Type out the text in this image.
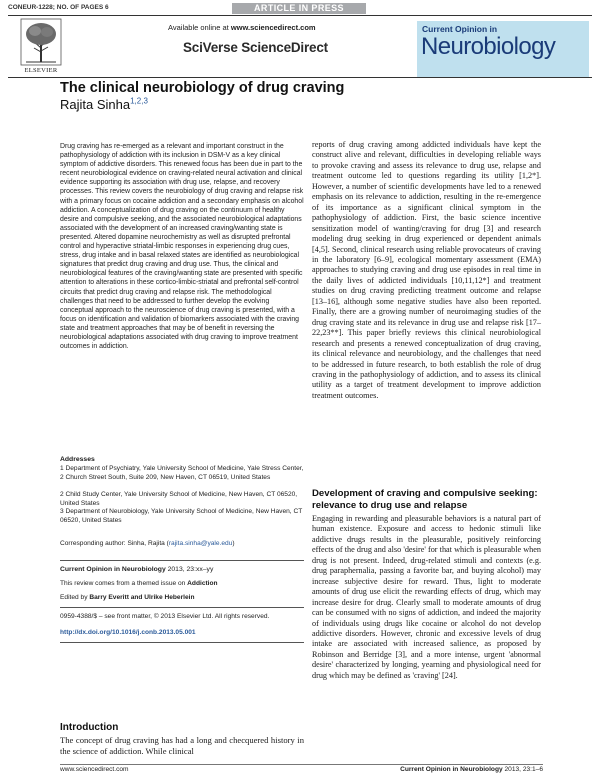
CONEUR-1228; NO. OF PAGES 6	ARTICLE IN PRESS
ELSEVIER
Available online at www.sciencedirect.com
SciVerse ScienceDirect
Current Opinion in
Neurobiology
The clinical neurobiology of drug craving
Rajita Sinha$^{1,2,3}$
Drug craving has re-emerged as a relevant and important construct in the pathophysiology of addiction with its inclusion in DSM-V as a key clinical symptom of addictive disorders. This renewed focus has been due in part to the recent neurobiological evidence on craving-related neural activation and clinical evidence supporting its association with drug use, relapse, and recovery processes. This review covers the neurobiology of drug craving and relapse risk with a primary focus on cocaine addiction and a secondary emphasis on alcohol addiction. A conceptualization of drug craving on the continuum of healthy desire and compulsive seeking, and the associated neurobiological adaptations associated with the development of an increased craving/wanting state is presented. Altered dopamine neurochemistry as well as disrupted prefrontal control and hyperactive striatal-limbic responses in experiencing drug cues, stress, drug intake and in basal relaxed states are identified as neurobiological signatures that predict drug craving and drug use. Thus, the clinical and neurobiological features of the craving/wanting state are presented with specific attention to alterations in these cortico-limbic-striatal and prefrontal self-control circuits that predict drug craving and relapse risk. The methodological challenges that need to be addressed to further develop the evolving conceptual approach to the neuroscience of drug craving is presented, with a focus on identification and validation of biomarkers associated with the craving state and treatment approaches that may be of benefit in reversing the neurobiological adaptations associated with drug craving to improve treatment outcomes in addiction.
Addresses
1 Department of Psychiatry, Yale University School of Medicine, Yale Stress Center, 2 Church Street South, Suite 209, New Haven, CT 06519, United States
2 Child Study Center, Yale University School of Medicine, New Haven, CT 06520, United States
3 Department of Neurobiology, Yale University School of Medicine, New Haven, CT 06520, United States
Corresponding author: Sinha, Rajita (rajita.sinha@yale.edu)
Current Opinion in Neurobiology 2013, 23:xx–yy
This review comes from a themed issue on Addiction
Edited by Barry Everitt and Ulrike Heberlein
0959-4388/$ – see front matter, © 2013 Elsevier Ltd. All rights reserved.
http://dx.doi.org/10.1016/j.conb.2013.05.001
Introduction
The concept of drug craving has had a long and checquered history in the science of addiction. While clinical
reports of drug craving among addicted individuals have kept the construct alive and relevant, difficulties in developing reliable ways to provoke craving and assess its relevance to drug use, relapse and treatment outcome led to questions regarding its utility [1,2*]. However, a number of scientific developments have led to a renewed emphasis on its relevance to addiction, resulting in the re-emergence of its importance as a significant clinical symptom in the pathophysiology of addiction. First, the basic science incentive sensitization model of wanting/craving for drug [3] and research modeling drug seeking in drug experienced or dependent animals [4,5]. Second, clinical research using reliable provocateurs of craving in the laboratory [6–9], ecological momentary assessment (EMA) approaches to studying craving and drug use episodes in real time in the daily lives of addicted individuals [10,11,12*] and treatment studies on drug craving predicting treatment outcome and relapse [13–16], although some negative studies have also been reported. Finally, there are a growing number of neuroimaging studies of the drug craving state and its relevance in drug use and relapse risk [17–22,23**]. This paper briefly reviews this clinical neurobiological research and presents a renewed conceptualization of drug craving, its clinical relevance and neurobiology, and the challenges that need to be addressed in future research, to both establish the role of drug craving in the pathophysiology of addiction, and to assess its clinical utility as a target of treatment development to improve addiction treatment outcomes.
Development of craving and compulsive seeking: relevance to drug use and relapse
Engaging in rewarding and pleasurable behaviors is a natural part of human existence. Exposure and access to hedonic stimuli like addictive drugs results in the pleasurable, positively reinforcing effects of the drug and also 'desire' for that which is pleasurable when drug is not present. Indeed, drug-related stimuli and contexts (e.g. drug paraphernalia, passing a favorite bar, and buying alcohol) may increase subjective desire for reward. Thus, light to moderate amounts of drug use elicit the rewarding effects of drug, which may increase desire for drug. Clearly small to moderate amounts of drug can be consumed with no signs of addiction, and indeed the majority of individuals using drugs like cocaine or alcohol do not develop addictive disorders. However, chronic and excessive levels of drug intake are associated with increased salience, as proposed by Robinson and Berridge [3], and a more intense, urgent 'abnormal desire' characterized by longing, yearning and physiological need for drug which may be defined as 'craving' [24].
www.sciencedirect.com	Current Opinion in Neurobiology 2013, 23:1–6
